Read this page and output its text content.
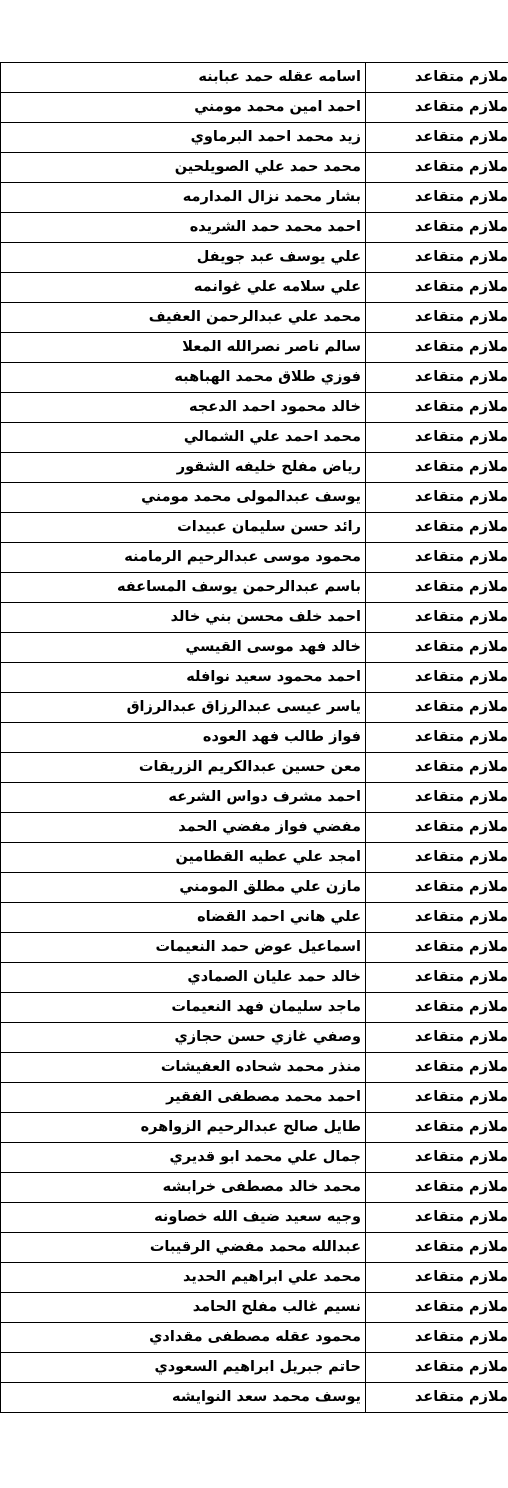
ملازم متقاعد	اسامه عقله حمد عبابنه
ملازم متقاعد	احمد امين محمد مومني
ملازم متقاعد	زيد محمد احمد البرماوي
ملازم متقاعد	محمد حمد علي الصويلحين
ملازم متقاعد	بشار محمد نزال المدارمه
ملازم متقاعد	احمد محمد حمد الشريده
ملازم متقاعد	علي يوسف عبد جويفل
ملازم متقاعد	علي سلامه علي غوانمه
ملازم متقاعد	محمد علي عبدالرحمن العفيف
ملازم متقاعد	سالم ناصر نصرالله المعلا
ملازم متقاعد	فوزي طلاق محمد الهباهبه
ملازم متقاعد	خالد محمود احمد الدعجه
ملازم متقاعد	محمد احمد علي الشمالي
ملازم متقاعد	رياض مفلح خليفه الشقور
ملازم متقاعد	يوسف عبدالمولى محمد مومني
ملازم متقاعد	رائد حسن سليمان عبيدات
ملازم متقاعد	محمود موسى عبدالرحيم الرمامنه
ملازم متقاعد	باسم عبدالرحمن يوسف المساعفه
ملازم متقاعد	احمد خلف محسن بني خالد
ملازم متقاعد	خالد فهد موسى القيسي
ملازم متقاعد	احمد محمود سعيد نوافله
ملازم متقاعد	ياسر عيسى عبدالرزاق عبدالرزاق
ملازم متقاعد	فواز طالب فهد العوده
ملازم متقاعد	معن حسين عبدالكريم الزريقات
ملازم متقاعد	احمد مشرف دواس الشرعه
ملازم متقاعد	مفضي فواز مفضي الحمد
ملازم متقاعد	امجد علي عطيه القطامين
ملازم متقاعد	مازن علي مطلق المومني
ملازم متقاعد	علي هاني احمد القضاه
ملازم متقاعد	اسماعيل عوض حمد النعيمات
ملازم متقاعد	خالد حمد عليان الصمادي
ملازم متقاعد	ماجد سليمان فهد النعيمات
ملازم متقاعد	وصفي غازي حسن حجازي
ملازم متقاعد	منذر محمد شحاده العفيشات
ملازم متقاعد	احمد محمد مصطفى الفقير
ملازم متقاعد	طايل صالح عبدالرحيم الزواهره
ملازم متقاعد	جمال علي محمد ابو قديري
ملازم متقاعد	محمد خالد مصطفى خرابشه
ملازم متقاعد	وجيه سعيد ضيف الله خصاونه
ملازم متقاعد	عبدالله محمد مفضي الرقيبات
ملازم متقاعد	محمد علي ابراهيم الحديد
ملازم متقاعد	نسيم غالب مفلح الحامد
ملازم متقاعد	محمود عقله مصطفى مقدادي
ملازم متقاعد	حاتم جبريل ابراهيم السعودي
ملازم متقاعد	يوسف محمد سعد النوايشه
